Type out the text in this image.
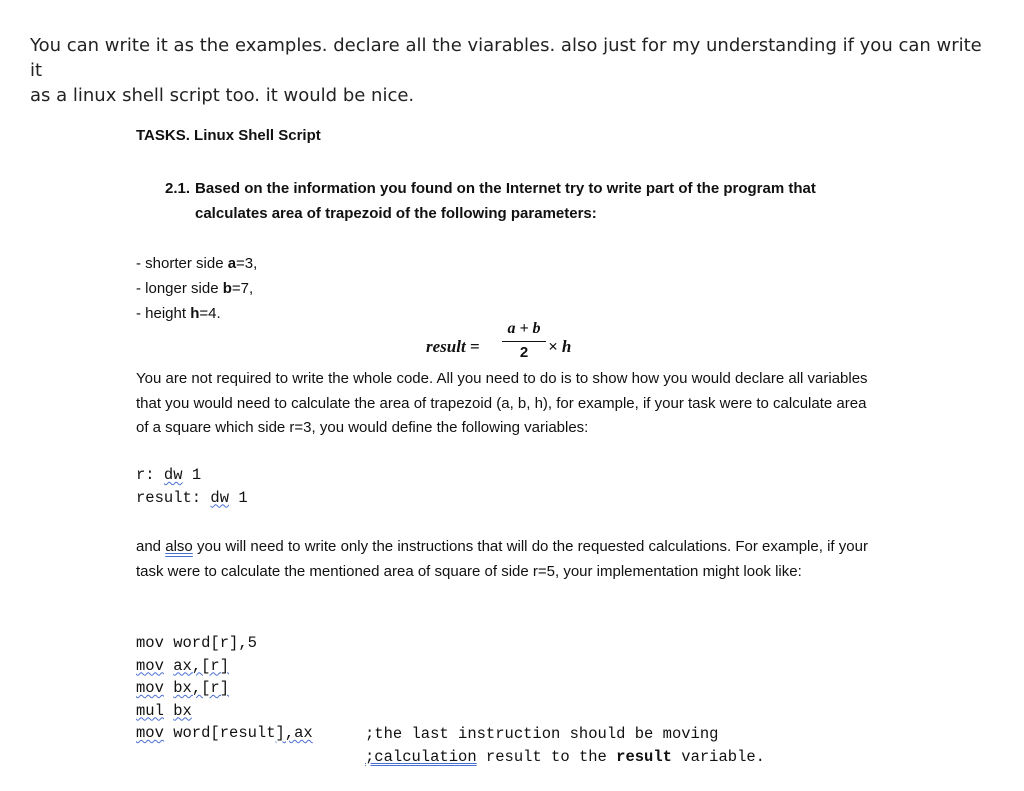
You can write it as the examples. declare all the viarables. also just for my understanding if you can write it

as a linux shell script too. it would be nice.

TASKS. Linux Shell Script
2.1. Based on the information you found on the Internet try to write part of the program that
calculates area of trapezoid of the following parameters:
- shorter side a=3,
- longer side b=7,
- height h=4.
result =
a + b
2	× h
You are not required to write the whole code. All you need to do is to show how you would declare all variables that you would need to calculate the area of trapezoid (a, b, h), for example, if your task were to calculate area of a square which side r=3, you would define the following variables:
r: dw 1
result: dw 1
and also you will need to write only the instructions that will do the requested calculations. For example, if your task were to calculate the mentioned area of square of side r=5, your implementation might look like:
mov word[r],5
mov ax,[r]
mov bx,[r]
mul bx
mov word[result],ax	;the last instruction should be moving
;calculation result to the result variable.
